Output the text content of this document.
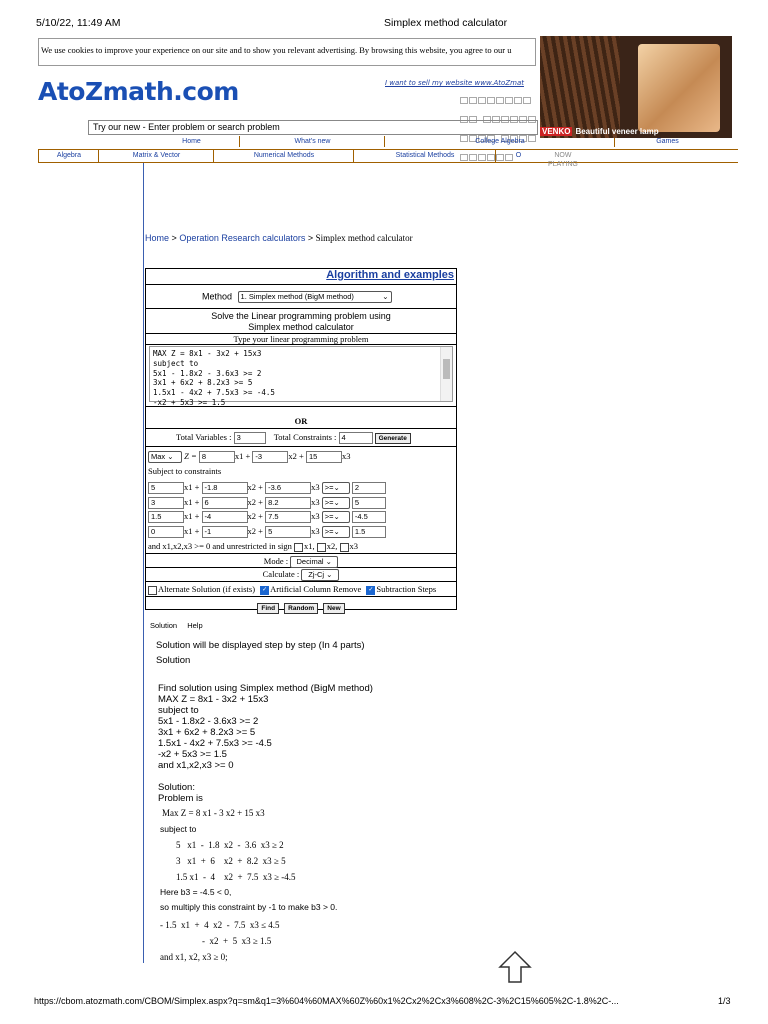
5/10/22, 11:49 AM	Simplex method calculator
We use cookies to improve your experience on our site and to show you relevant advertising. By browsing this website, you agree to our u
AtoZmath.com	I want to sell my website www.AtoZmat

Try our new - Enter problem or search problem
Home	What's new	College Algebra	Games
Algebra	Matrix & Vector	Numerical Methods	Statistical Methods	O
VENKO Beautiful veneer lamp
NOW
PLAYING
Home > Operation Research calculators > Simplex method calculator
Algorithm and examples
Method 1. Simplex method (BigM method)	⌄
Solve the Linear programming problem using
Simplex method calculator
Type your linear programming problem
MAX Z = 8x1 - 3x2 + 15x3
subject to
5x1 - 1.8x2 - 3.6x3 >= 2
3x1 + 6x2 + 8.2x3 >= 5
1.5x1 - 4x2 + 7.5x3 >= -4.5
-x2 + 5x3 >= 1.5
OR
Total Variables : 3	Total Constraints : 4	Generate
Max ⌄ Z = 8	x1 + -3	x2 + 15	x3
Subject to constraints
5	x1 + -1.8	x2 + -3.6	x3 >=⌄ 2
3	x1 + 6	x2 + 8.2	x3 >=⌄ 5
1.5	x1 + -4	x2 + 7.5	x3 >=⌄ -4.5
0	x1 + -1	x2 + 5	x3 >=⌄ 1.5
and x1,x2,x3 >= 0 and unrestricted in sign x1, x2, x3
Mode : Decimal ⌄
Calculate : Zj-Cj ⌄
Alternate Solution (if exists) ✓ Artificial Column Remove ✓ Subtraction Steps
Find Random New
Solution Help
Solution will be displayed step by step (In 4 parts)
Solution
Find solution using Simplex method (BigM method)
MAX Z = 8x1 - 3x2 + 15x3
subject to
5x1 - 1.8x2 - 3.6x3 >= 2
3x1 + 6x2 + 8.2x3 >= 5
1.5x1 - 4x2 + 7.5x3 >= -4.5
-x2 + 5x3 >= 1.5
and x1,x2,x3 >= 0
Solution:
Problem is
Max Z = 8 x1 - 3 x2 + 15 x3
subject to
5   x1  -  1.8  x2  -  3.6  x3 ≥ 2
3   x1  +  6    x2  +  8.2  x3 ≥ 5
1.5 x1  -  4    x2  +  7.5  x3 ≥ -4.5
Here b3 = -4.5 < 0,
so multiply this constraint by -1 to make b3 > 0.
- 1.5  x1  +  4  x2  -  7.5  x3 ≤ 4.5
-  x2  +  5  x3 ≥ 1.5
and x1, x2, x3 ≥ 0;
https://cbom.atozmath.com/CBOM/Simplex.aspx?q=sm&q1=3%604%60MAX%60Z%60x1%2Cx2%2Cx3%608%2C-3%2C15%605%2C-1.8%2C-...	1/3
